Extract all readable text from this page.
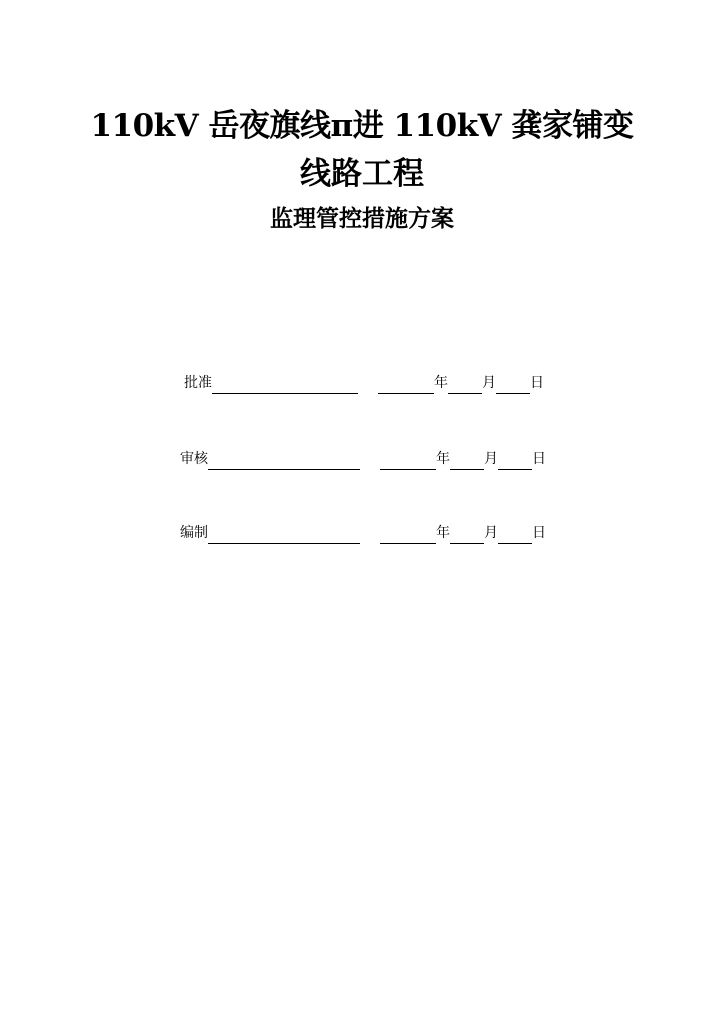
110kV 岳夜旗线π进 110kV 龚家铺变
线路工程
监理管控措施方案
批准	年 月 日
审核	年 月 日
编制	年 月 日
